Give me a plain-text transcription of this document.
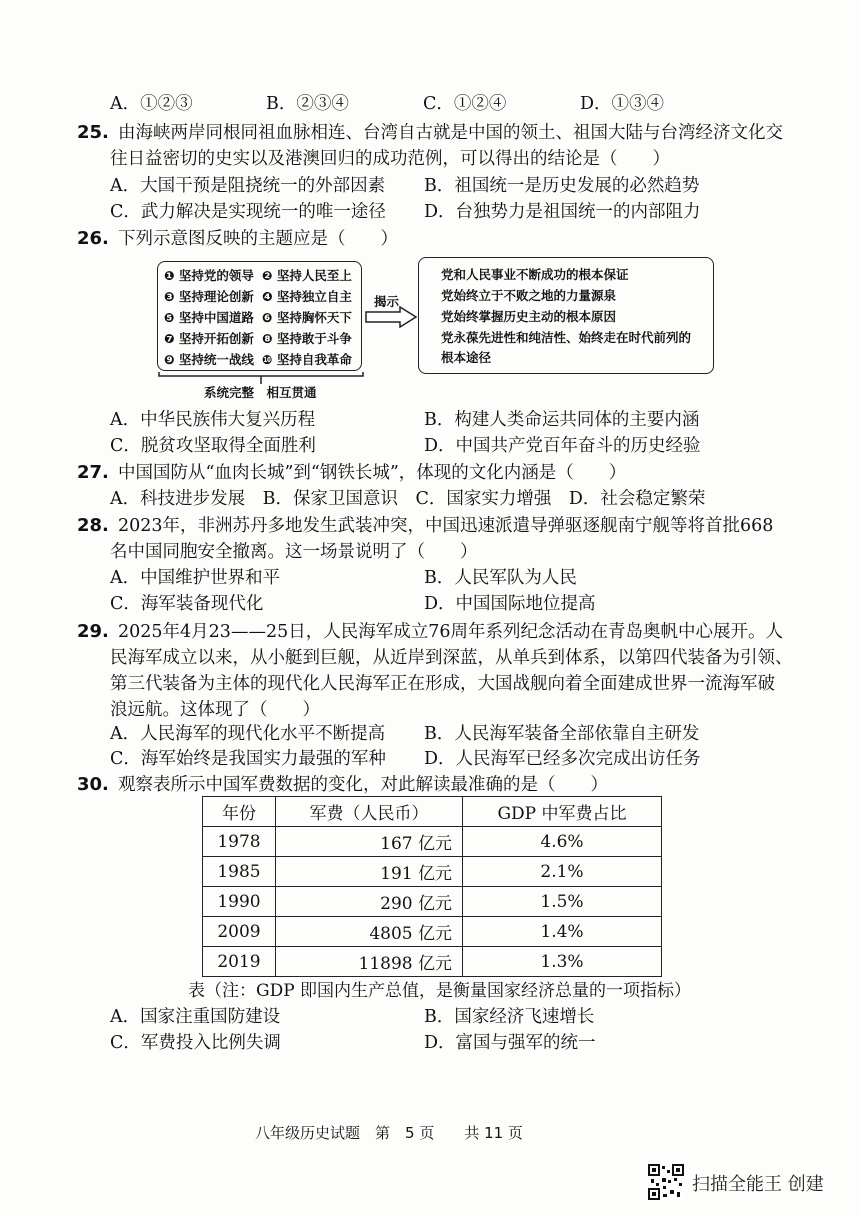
A．①②③	B．②③④	C．①②④	D．①③④
25. 由海峡两岸同根同祖血脉相连、台湾自古就是中国的领土、祖国大陆与台湾经济文化交
往日益密切的史实以及港澳回归的成功范例，可以得出的结论是（　　）
A．大国干预是阻挠统一的外部因素 B．祖国统一是历史发展的必然趋势
C．武力解决是实现统一的唯一途径 D．台独势力是祖国统一的内部阻力
26. 下列示意图反映的主题应是（　　）
❶ 坚持党的领导 ❷ 坚持人民至上
❸ 坚持理论创新 ❹ 坚持独立自主
❺ 坚持中国道路 ❻ 坚持胸怀天下
❼ 坚持开拓创新 ❽ 坚持敢于斗争
❾ 坚持统一战线 ❿ 坚持自我革命
系统完整　相互贯通
揭示
党和人民事业不断成功的根本保证
党始终立于不败之地的力量源泉
党始终掌握历史主动的根本原因
党永葆先进性和纯洁性、始终走在时代前列的
根本途径
A．中华民族伟大复兴历程	B．构建人类命运共同体的主要内涵
C．脱贫攻坚取得全面胜利	D．中国共产党百年奋斗的历史经验
27. 中国国防从“血肉长城”到“钢铁长城”，体现的文化内涵是（　　）
A．科技进步发展　B．保家卫国意识　C．国家实力增强　D．社会稳定繁荣
28. 2023年，非洲苏丹多地发生武装冲突，中国迅速派遣导弹驱逐舰南宁舰等将首批668
名中国同胞安全撤离。这一场景说明了（　　）
A．中国维护世界和平	B．人民军队为人民
C．海军装备现代化	D．中国国际地位提高
29. 2025年4月23——25日，人民海军成立76周年系列纪念活动在青岛奥帆中心展开。人
民海军成立以来，从小艇到巨舰，从近岸到深蓝，从单兵到体系，以第四代装备为引领、
第三代装备为主体的现代化人民海军正在形成，大国战舰向着全面建成世界一流海军破
浪远航。这体现了（　　）
A．人民海军的现代化水平不断提高 B．人民海军装备全部依靠自主研发
C．海军始终是我国实力最强的军种 D．人民海军已经多次完成出访任务
30. 观察表所示中国军费数据的变化，对此解读最准确的是（　　）
年份	军费（人民币）	GDP 中军费占比
1978	167 亿元	4.6%
1985	191 亿元	2.1%
1990	290 亿元	1.5%
2009	4805 亿元	1.4%
2019	11898 亿元	1.3%
表（注：GDP 即国内生产总值，是衡量国家经济总量的一项指标）
A．国家注重国防建设	B．国家经济飞速增长
C．军费投入比例失调	D．富国与强军的统一
八年级历史试题　第　5 页　　共 11 页
扫描全能王 创建
